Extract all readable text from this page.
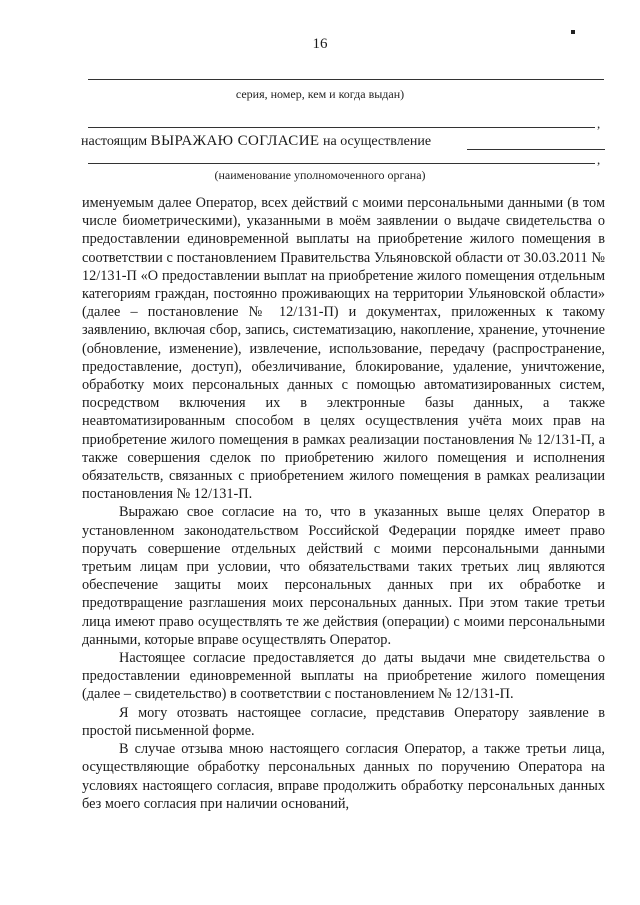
16
серия, номер, кем и когда выдан)
,
настоящим ВЫРАЖАЮ СОГЛАСИЕ на осуществление
,
(наименование уполномоченного органа)

именуемым далее Оператор, всех действий с моими персональными данными (в том числе биометрическими), указанными в моём заявлении о выдаче свидетельства о предоставлении единовременной выплаты на приобретение жилого помещения в соответствии с постановлением Правительства Ульяновской области от 30.03.2011 № 12/131-П «О предоставлении выплат на приобретение жилого помещения отдельным категориям граждан, постоянно проживающих на территории Ульяновской области» (далее – постановление № 12/131-П) и документах, приложенных к такому заявлению, включая сбор, запись, систематизацию, накопление, хранение, уточнение (обновление, изменение), извлечение, использование, передачу (распространение, предоставление, доступ), обезличивание, блокирование, удаление, уничтожение, обработку моих персональных данных с помощью автоматизированных систем, посредством включения их в электронные базы данных, а также неавтоматизированным способом в целях осуществления учёта моих прав на приобретение жилого помещения в рамках реализации постановления № 12/131-П, а также совершения сделок по приобретению жилого помещения и исполнения обязательств, связанных с приобретением жилого помещения в рамках реализации постановления № 12/131-П.

Выражаю свое согласие на то, что в указанных выше целях Оператор в установленном законодательством Российской Федерации порядке имеет право поручать совершение отдельных действий с моими персональными данными третьим лицам при условии, что обязательствами таких третьих лиц являются обеспечение защиты моих персональных данных при их обработке и предотвращение разглашения моих персональных данных. При этом такие третьи лица имеют право осуществлять те же действия (операции) с моими персональными данными, которые вправе осуществлять Оператор.

Настоящее согласие предоставляется до даты выдачи мне свидетельства о предоставлении единовременной выплаты на приобретение жилого помещения (далее – свидетельство) в соответствии с постановлением № 12/131-П.

Я могу отозвать настоящее согласие, представив Оператору заявление в простой письменной форме.

В случае отзыва мною настоящего согласия Оператор, а также третьи лица, осуществляющие обработку персональных данных по поручению Оператора на условиях настоящего согласия, вправе продолжить обработку персональных данных без моего согласия при наличии оснований,
